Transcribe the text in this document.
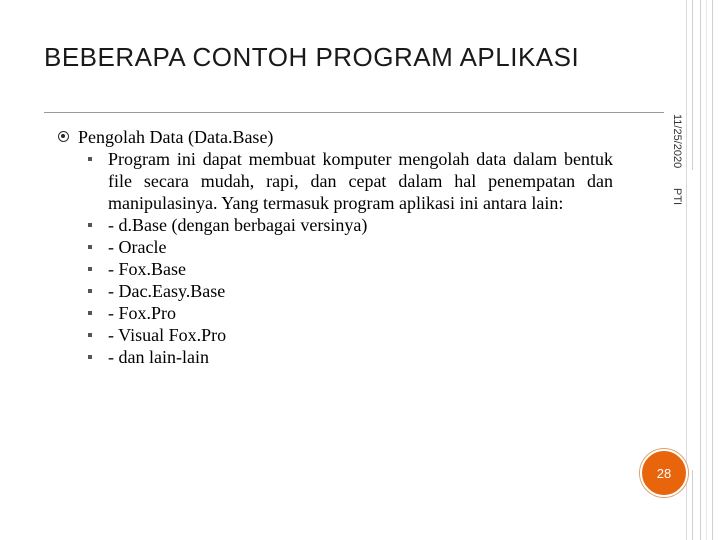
BEBERAPA CONTOH PROGRAM APLIKASI
11/25/2020
PTI
Pengolah Data (Data.Base)
Program ini dapat membuat komputer mengolah data dalam bentuk file secara mudah, rapi, dan cepat dalam hal penempatan dan manipulasinya. Yang termasuk program aplikasi ini antara lain:
- d.Base (dengan berbagai versinya)
- Oracle
- Fox.Base
- Dac.Easy.Base
- Fox.Pro
- Visual Fox.Pro
- dan lain-lain
28
